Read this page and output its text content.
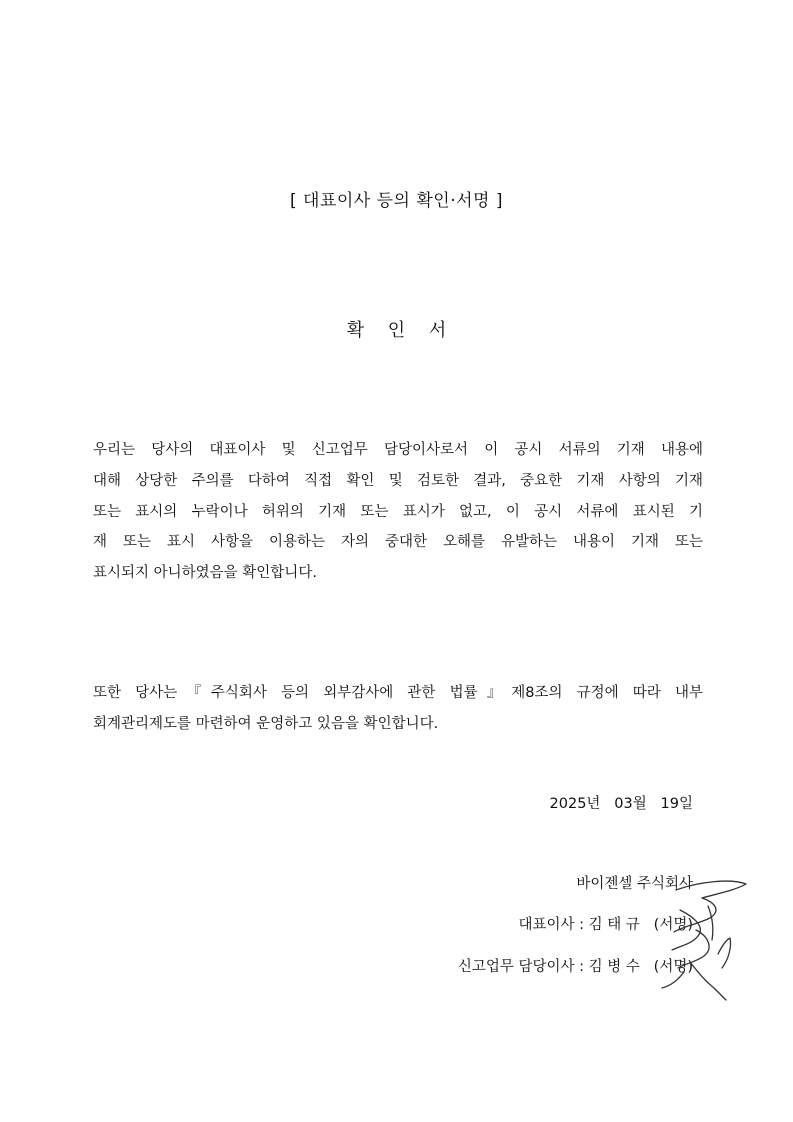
[ 대표이사 등의 확인·서명 ]
확 인 서
우리는 당사의 대표이사 및 신고업무 담당이사로서 이 공시 서류의 기재 내용에
대해 상당한 주의를 다하여 직접 확인 및 검토한 결과, 중요한 기재 사항의 기재
또는 표시의 누락이나 허위의 기재 또는 표시가 없고, 이 공시 서류에 표시된 기
재 또는 표시 사항을 이용하는 자의 중대한 오해를 유발하는 내용이 기재 또는
표시되지 아니하였음을 확인합니다.
또한 당사는『주식회사 등의 외부감사에 관한 법률』제8조의 규정에 따라 내부
회계관리제도를 마련하여 운영하고 있음을 확인합니다.
2025년   03월   19일
바이젠셀 주식회사
대표이사 : 김 태 규   (서명)
신고업무 담당이사 : 김 병 수   (서명)
